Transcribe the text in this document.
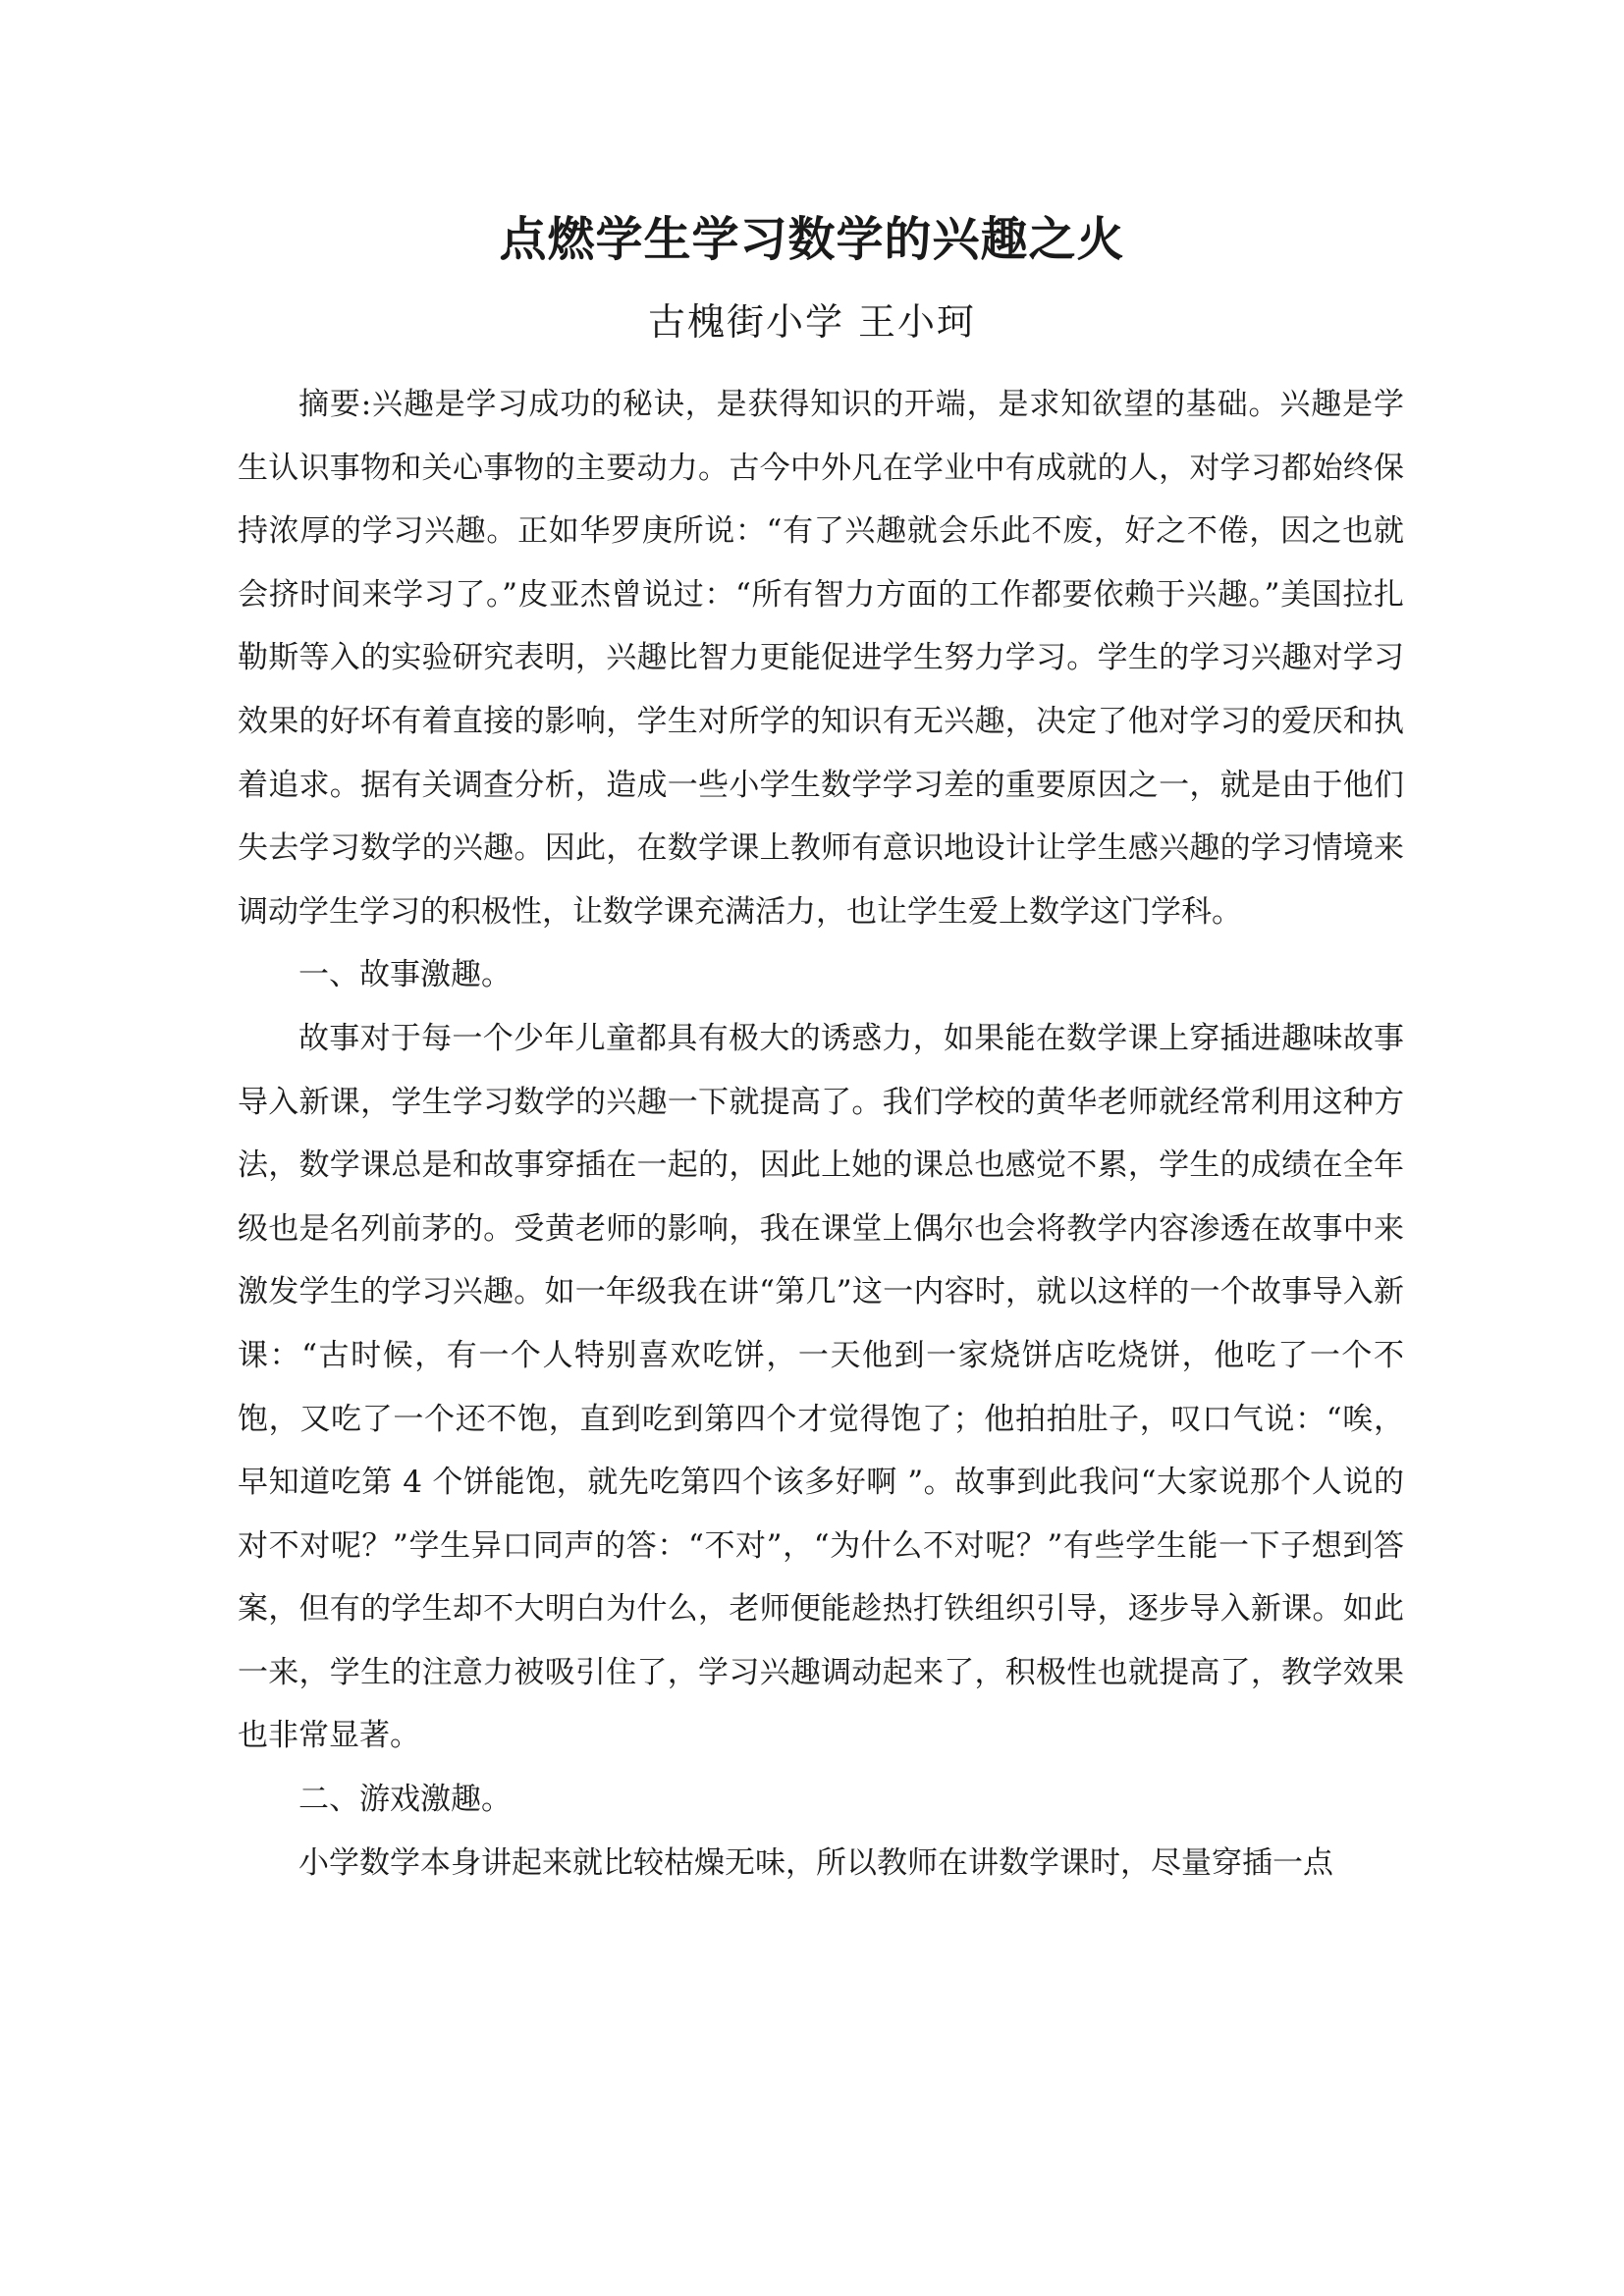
点燃学生学习数学的兴趣之火

古槐街小学 王小珂

摘要:兴趣是学习成功的秘诀，是获得知识的开端，是求知欲望的基础。兴趣是学生认识事物和关心事物的主要动力。古今中外凡在学业中有成就的人，对学习都始终保持浓厚的学习兴趣。正如华罗庚所说：“有了兴趣就会乐此不废，好之不倦，因之也就会挤时间来学习了。”皮亚杰曾说过：“所有智力方面的工作都要依赖于兴趣。”美国拉扎勒斯等入的实验研究表明，兴趣比智力更能促进学生努力学习。学生的学习兴趣对学习效果的好坏有着直接的影响，学生对所学的知识有无兴趣，决定了他对学习的爱厌和执着追求。据有关调查分析，造成一些小学生数学学习差的重要原因之一，就是由于他们失去学习数学的兴趣。因此，在数学课上教师有意识地设计让学生感兴趣的学习情境来调动学生学习的积极性，让数学课充满活力，也让学生爱上数学这门学科。

一、故事激趣。

故事对于每一个少年儿童都具有极大的诱惑力，如果能在数学课上穿插进趣味故事导入新课，学生学习数学的兴趣一下就提高了。我们学校的黄华老师就经常利用这种方法，数学课总是和故事穿插在一起的，因此上她的课总也感觉不累，学生的成绩在全年级也是名列前茅的。受黄老师的影响，我在课堂上偶尔也会将教学内容渗透在故事中来激发学生的学习兴趣。如一年级我在讲“第几”这一内容时，就以这样的一个故事导入新课：“古时候，有一个人特别喜欢吃饼，一天他到一家烧饼店吃烧饼，他吃了一个不饱，又吃了一个还不饱，直到吃到第四个才觉得饱了；他拍拍肚子，叹口气说：“唉，早知道吃第 4 个饼能饱，就先吃第四个该多好啊 ”。故事到此我问“大家说那个人说的对不对呢？”学生异口同声的答：“不对”，“为什么不对呢？”有些学生能一下子想到答案，但有的学生却不大明白为什么，老师便能趁热打铁组织引导，逐步导入新课。如此一来，学生的注意力被吸引住了，学习兴趣调动起来了，积极性也就提高了，教学效果也非常显著。

二、游戏激趣。

小学数学本身讲起来就比较枯燥无味，所以教师在讲数学课时，尽量穿插一点
